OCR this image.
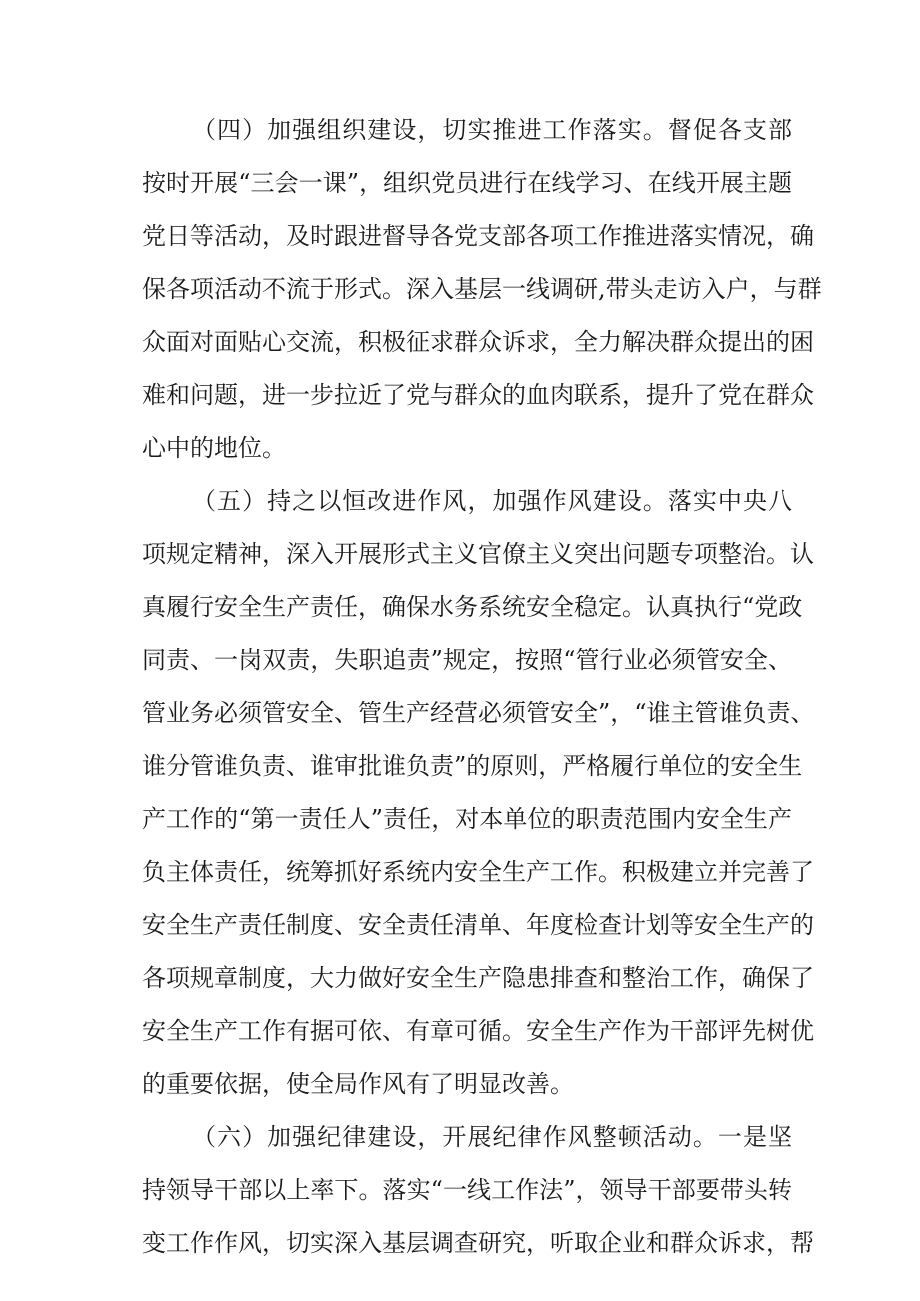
（四）加强组织建设，切实推进工作落实。督促各支部
按时开展“三会一课”，组织党员进行在线学习、在线开展主题
党日等活动，及时跟进督导各党支部各项工作推进落实情况，确
保各项活动不流于形式。深入基层一线调研,带头走访入户，与群
众面对面贴心交流，积极征求群众诉求，全力解决群众提出的困
难和问题，进一步拉近了党与群众的血肉联系，提升了党在群众
心中的地位。
（五）持之以恒改进作风，加强作风建设。落实中央八
项规定精神，深入开展形式主义官僚主义突出问题专项整治。认
真履行安全生产责任，确保水务系统安全稳定。认真执行“党政
同责、一岗双责，失职追责”规定，按照“管行业必须管安全、
管业务必须管安全、管生产经营必须管安全”，“谁主管谁负责、
谁分管谁负责、谁审批谁负责”的原则，严格履行单位的安全生
产工作的“第一责任人”责任，对本单位的职责范围内安全生产
负主体责任，统筹抓好系统内安全生产工作。积极建立并完善了
安全生产责任制度、安全责任清单、年度检查计划等安全生产的
各项规章制度，大力做好安全生产隐患排查和整治工作，确保了
安全生产工作有据可依、有章可循。安全生产作为干部评先树优
的重要依据，使全局作风有了明显改善。
（六）加强纪律建设，开展纪律作风整顿活动。一是坚
持领导干部以上率下。落实“一线工作法”，领导干部要带头转
变工作作风，切实深入基层调查研究，听取企业和群众诉求，帮
